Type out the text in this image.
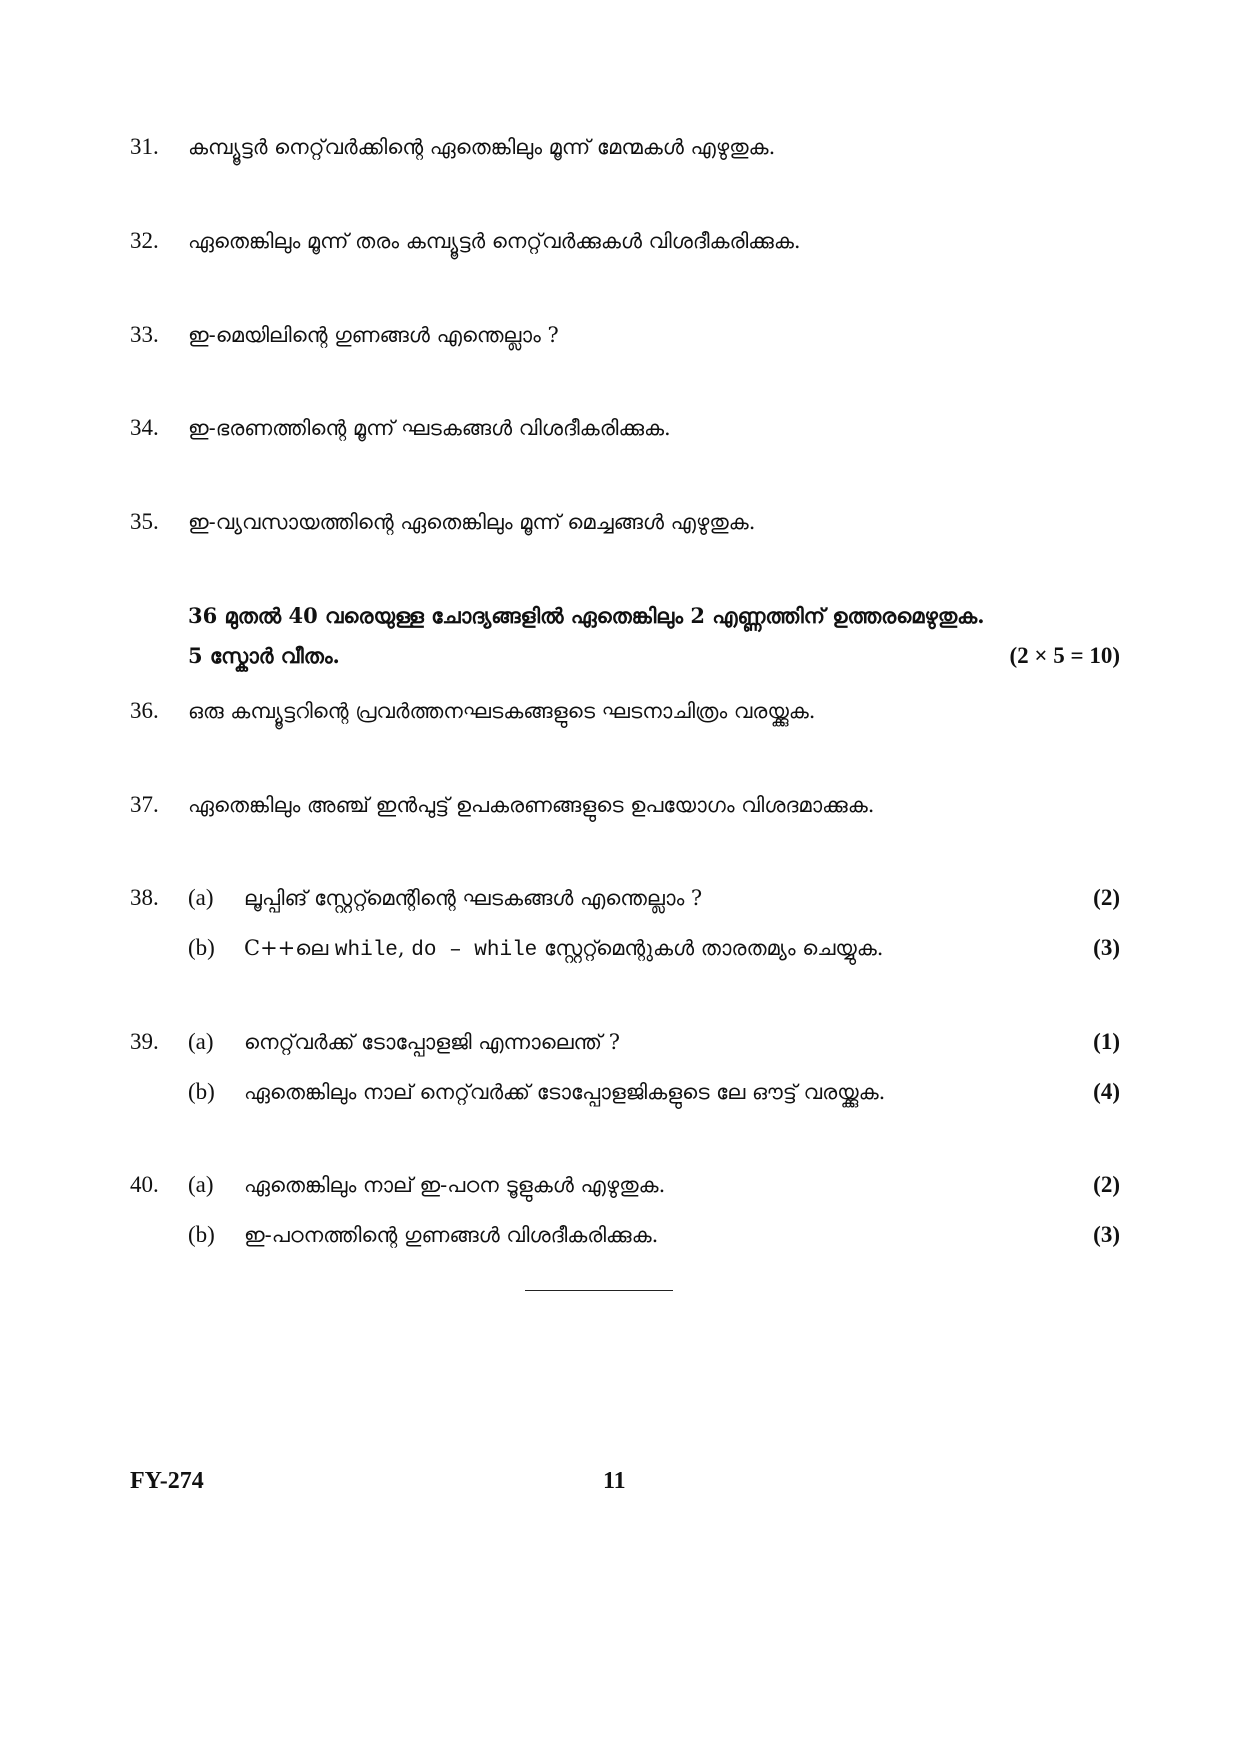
31. കമ്പ്യൂട്ടർ നെറ്റ്‌വർക്കിന്റെ ഏതെങ്കിലും മൂന്ന് മേന്മകൾ എഴുതുക.
32. ഏതെങ്കിലും മൂന്ന് തരം കമ്പ്യൂട്ടർ നെറ്റ്‌വർക്കുകൾ വിശദീകരിക്കുക.
33. ഇ-മെയിലിന്റെ ഗുണങ്ങൾ എന്തെല്ലാം ?
34. ഇ-ഭരണത്തിന്റെ മൂന്ന് ഘടകങ്ങൾ വിശദീകരിക്കുക.
35. ഇ-വ്യവസായത്തിന്റെ ഏതെങ്കിലും മൂന്ന് മെച്ചങ്ങൾ എഴുതുക.
36 മുതൽ 40 വരെയുള്ള ചോദ്യങ്ങളിൽ ഏതെങ്കിലും 2 എണ്ണത്തിന് ഉത്തരമെഴുതുക.
5 സ്കോർ വീതം.	(2 × 5 = 10)
36. ഒരു കമ്പ്യൂട്ടറിന്റെ പ്രവർത്തനഘടകങ്ങളുടെ ഘടനാചിത്രം വരയ്ക്കുക.
37. ഏതെങ്കിലും അഞ്ച് ഇൻപുട്ട് ഉപകരണങ്ങളുടെ ഉപയോഗം വിശദമാക്കുക.
38. (a) ലൂപ്പിങ് സ്റ്റേറ്റ്മെന്റിന്റെ ഘടകങ്ങൾ എന്തെല്ലാം ?	(2)
(b) C++ലെ while, do – while സ്റ്റേറ്റ്മെന്റുകൾ താരതമ്യം ചെയ്യുക.	(3)
39. (a) നെറ്റ്‌വർക്ക് ടോപ്പോളജി എന്നാലെന്ത് ?	(1)
(b) ഏതെങ്കിലും നാല് നെറ്റ്‌വർക്ക് ടോപ്പോളജികളുടെ ലേ ഔട്ട് വരയ്ക്കുക.	(4)
40. (a) ഏതെങ്കിലും നാല് ഇ-പഠന ടൂളുകൾ എഴുതുക.	(2)
(b) ഇ-പഠനത്തിന്റെ ഗുണങ്ങൾ വിശദീകരിക്കുക.	(3)
FY-274	11
